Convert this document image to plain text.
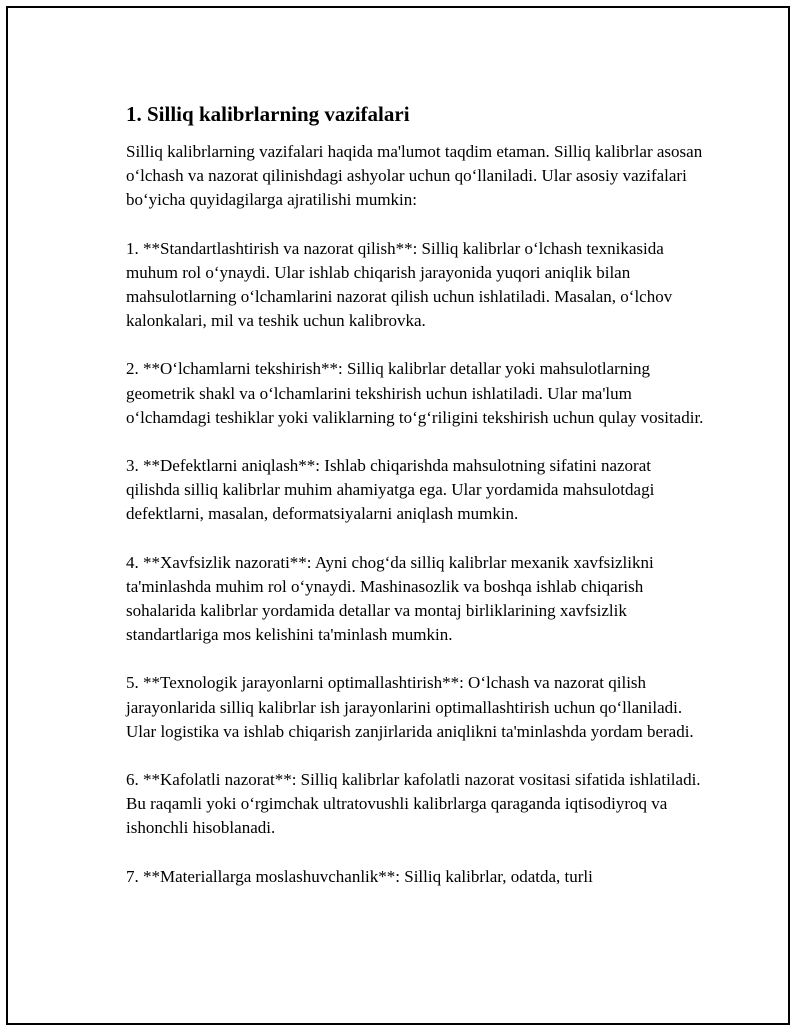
1. Silliq kalibrlarning vazifalari

Silliq kalibrlarning vazifalari haqida ma'lumot taqdim etaman. Silliq kalibrlar asosan o‘lchash va nazorat qilinishdagi ashyolar uchun qo‘llaniladi. Ular asosiy vazifalari bo‘yicha quyidagilarga ajratilishi mumkin:

1. **Standartlashtirish va nazorat qilish**: Silliq kalibrlar o‘lchash texnikasida muhum rol o‘ynaydi. Ular ishlab chiqarish jarayonida yuqori aniqlik bilan mahsulotlarning o‘lchamlarini nazorat qilish uchun ishlatiladi. Masalan, o‘lchov kalonkalari, mil va teshik uchun kalibrovka.

2. **O‘lchamlarni tekshirish**: Silliq kalibrlar detallar yoki mahsulotlarning geometrik shakl va o‘lchamlarini tekshirish uchun ishlatiladi. Ular ma'lum o‘lchamdagi teshiklar yoki valiklarning to‘g‘riligini tekshirish uchun qulay vositadir.

3. **Defektlarni aniqlash**: Ishlab chiqarishda mahsulotning sifatini nazorat qilishda silliq kalibrlar muhim ahamiyatga ega. Ular yordamida mahsulotdagi defektlarni, masalan, deformatsiyalarni aniqlash mumkin.

4. **Xavfsizlik nazorati**: Ayni chog‘da silliq kalibrlar mexanik xavfsizlikni ta'minlashda muhim rol o‘ynaydi. Mashinasozlik va boshqa ishlab chiqarish sohalarida kalibrlar yordamida detallar va montaj birliklarining xavfsizlik standartlariga mos kelishini ta'minlash mumkin.

5. **Texnologik jarayonlarni optimallashtirish**: O‘lchash va nazorat qilish jarayonlarida silliq kalibrlar ish jarayonlarini optimallashtirish uchun qo‘llaniladi. Ular logistika va ishlab chiqarish zanjirlarida aniqlikni ta'minlashda yordam beradi.

6. **Kafolatli nazorat**: Silliq kalibrlar kafolatli nazorat vositasi sifatida ishlatiladi. Bu raqamli yoki o‘rgimchak ultratovushli kalibrlarga qaraganda iqtisodiyroq va ishonchli hisoblanadi.

7. **Materiallarga moslashuvchanlik**: Silliq kalibrlar, odatda, turli
